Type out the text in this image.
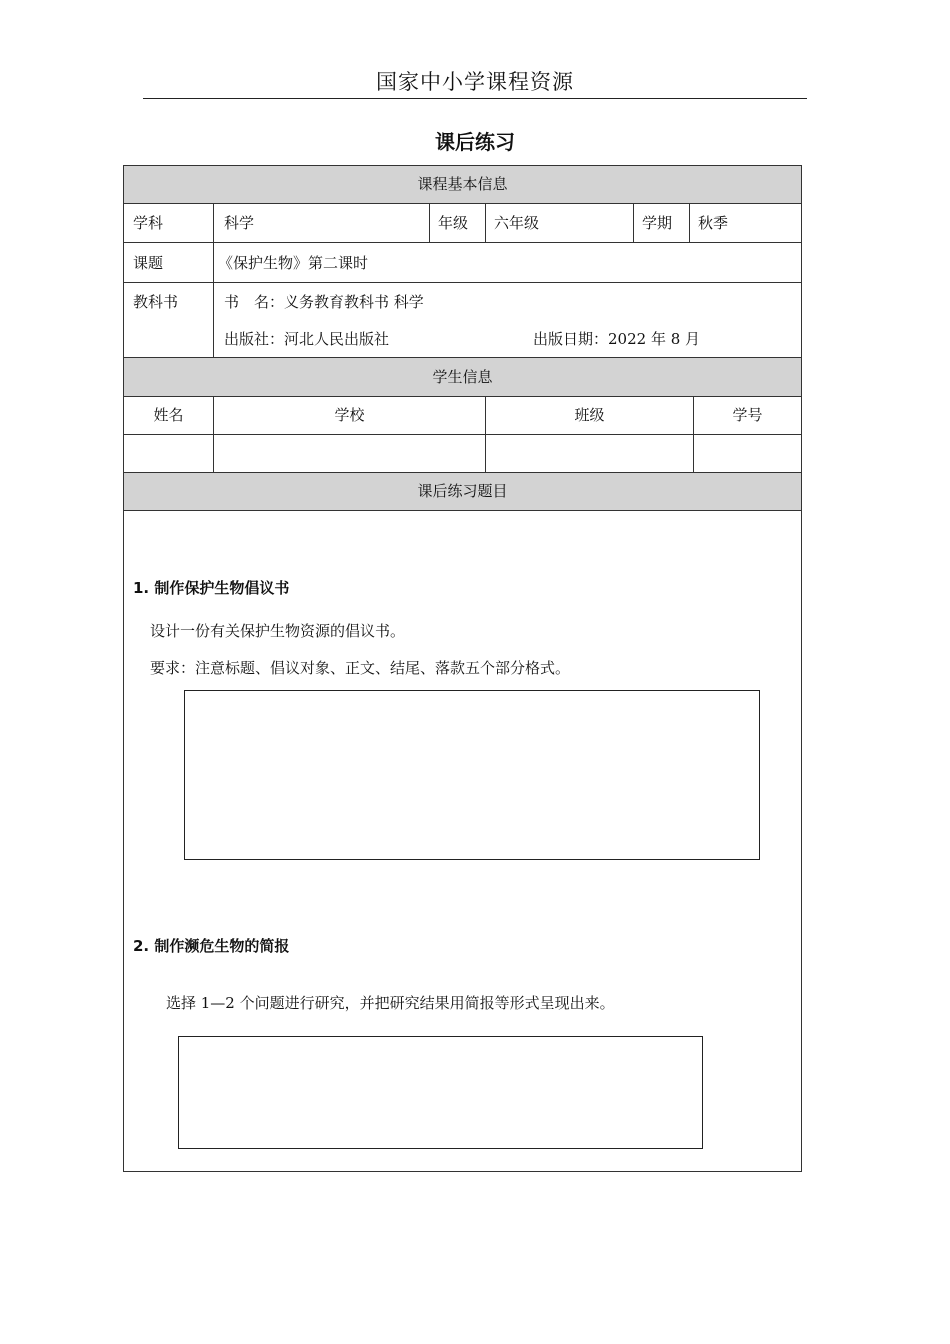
国家中小学课程资源
课后练习
课程基本信息
学科	科学	年级 六年级	学期 秋季
课题	《保护生物》第二课时
教科书	书　名：义务教育教科书 科学
出版社：河北人民出版社	出版日期：2022 年 8 月
学生信息
姓名	学校	班级	学号
课后练习题目
1. 制作保护生物倡议书
设计一份有关保护生物资源的倡议书。
要求：注意标题、倡议对象、正文、结尾、落款五个部分格式。
2. 制作濒危生物的简报
选择 1—2 个问题进行研究，并把研究结果用简报等形式呈现出来。
